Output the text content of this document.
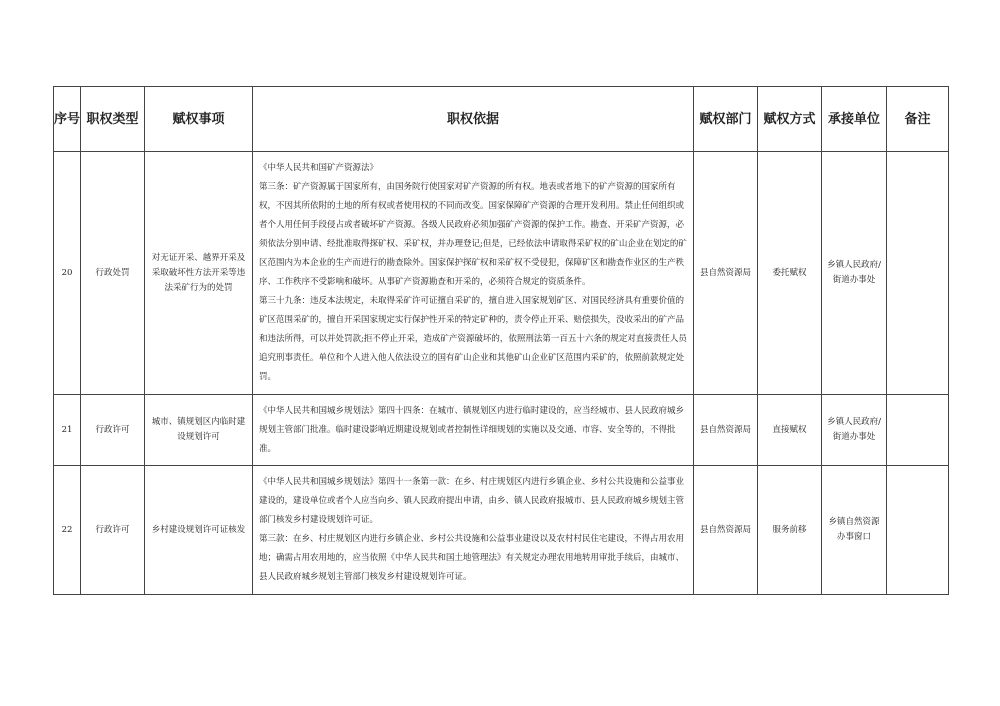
序号	职权类型	赋权事项	职权依据	赋权部门	赋权方式	承接单位	备注
20	行政处罚	对无证开采、越界开采及采取破坏性方法开采等违法采矿行为的处罚	《中华人民共和国矿产资源法》

第三条：矿产资源属于国家所有，由国务院行使国家对矿产资源的所有权。地表或者地下的矿产资源的国家所有权，不因其所依附的土地的所有权或者使用权的不同而改变。国家保障矿产资源的合理开发利用。禁止任何组织或者个人用任何手段侵占或者破坏矿产资源。各级人民政府必须加强矿产资源的保护工作。勘查、开采矿产资源，必须依法分别申请、经批准取得探矿权、采矿权，并办理登记;但是，已经依法申请取得采矿权的矿山企业在划定的矿区范围内为本企业的生产而进行的勘查除外。国家保护探矿权和采矿权不受侵犯，保障矿区和勘查作业区的生产秩序、工作秩序不受影响和破坏。从事矿产资源勘查和开采的，必须符合规定的资质条件。

第三十九条：违反本法规定，未取得采矿许可证擅自采矿的，擅自进入国家规划矿区、对国民经济具有重要价值的矿区范围采矿的，擅自开采国家规定实行保护性开采的特定矿种的，责令停止开采、赔偿损失，没收采出的矿产品和违法所得，可以并处罚款;拒不停止开采，造成矿产资源破坏的，依照刑法第一百五十六条的规定对直接责任人员追究刑事责任。单位和个人进入他人依法设立的国有矿山企业和其他矿山企业矿区范围内采矿的，依照前款规定处罚。	县自然资源局	委托赋权	乡镇人民政府/街道办事处	
21	行政许可	城市、镇规划区内临时建设规划许可	《中华人民共和国城乡规划法》第四十四条：在城市、镇规划区内进行临时建设的，应当经城市、县人民政府城乡规划主管部门批准。临时建设影响近期建设规划或者控制性详细规划的实施以及交通、市容、安全等的，不得批准。	县自然资源局	直接赋权	乡镇人民政府/街道办事处	
22	行政许可	乡村建设规划许可证核发	《中华人民共和国城乡规划法》第四十一条第一款：在乡、村庄规划区内进行乡镇企业、乡村公共设施和公益事业建设的，建设单位或者个人应当向乡、镇人民政府提出申请，由乡、镇人民政府报城市、县人民政府城乡规划主管部门核发乡村建设规划许可证。

第三款：在乡、村庄规划区内进行乡镇企业、乡村公共设施和公益事业建设以及农村村民住宅建设，不得占用农用地；确需占用农用地的，应当依照《中华人民共和国土地管理法》有关规定办理农用地转用审批手续后，由城市、县人民政府城乡规划主管部门核发乡村建设规划许可证。	县自然资源局	服务前移	乡镇自然资源办事窗口	
